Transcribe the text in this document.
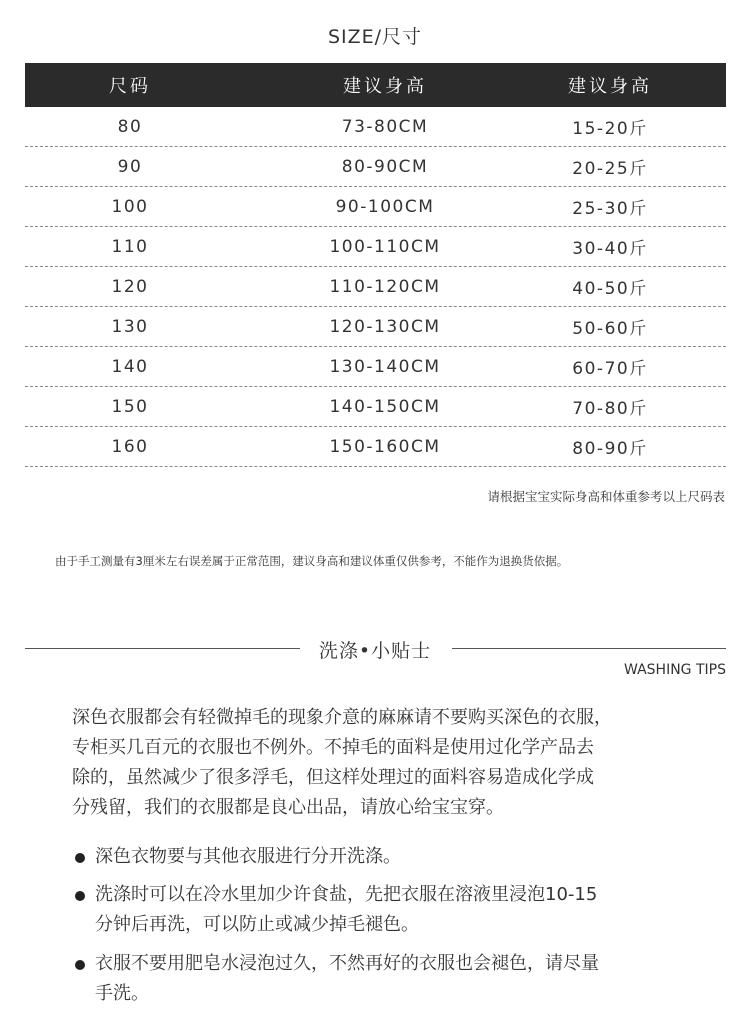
SIZE/尺寸
尺码	建议身高	建议身高
80	73-80CM	15-20斤
90	80-90CM	20-25斤
100	90-100CM	25-30斤
110	100-110CM	30-40斤
120	110-120CM	40-50斤
130	120-130CM	50-60斤
140	130-140CM	60-70斤
150	140-150CM	70-80斤
160	150-160CM	80-90斤
请根据宝宝实际身高和体重参考以上尺码表
由于手工测量有3厘米左右误差属于正常范围，建议身高和建议体重仅供参考，不能作为退换货依据。
洗涤•小贴士
WASHING TIPS
深色衣服都会有轻微掉毛的现象介意的麻麻请不要购买深色的衣服，
专柜买几百元的衣服也不例外。不掉毛的面料是使用过化学产品去
除的，虽然减少了很多浮毛，但这样处理过的面料容易造成化学成
分残留，我们的衣服都是良心出品，请放心给宝宝穿。
深色衣物要与其他衣服进行分开洗涤。
洗涤时可以在冷水里加少许食盐，先把衣服在溶液里浸泡10-15
分钟后再洗，可以防止或减少掉毛褪色。
衣服不要用肥皂水浸泡过久，不然再好的衣服也会褪色，请尽量
手洗。
